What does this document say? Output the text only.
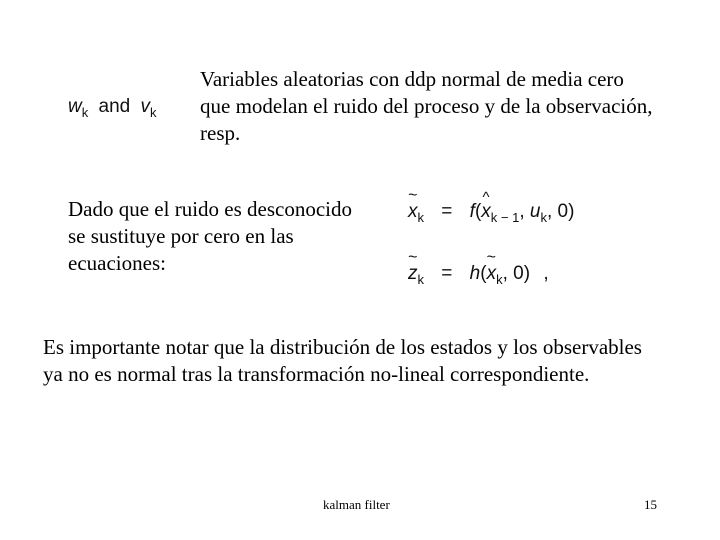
$w_k$ and $v_k$
Variables aleatorias con ddp normal de media cero que modelan el ruido del proceso y de la observación, resp.
Dado que el ruido es desconocido se sustituye por cero en las ecuaciones:
~ $x_k$ = f(^ $x_{k - 1}$, $u_k$, 0)
~ $z_k$ = h(~ $x_k$, 0) ,
Es importante notar que la distribución de los estados y los observables ya no es normal tras la transformación no-lineal correspondiente.
kalman filter	15
